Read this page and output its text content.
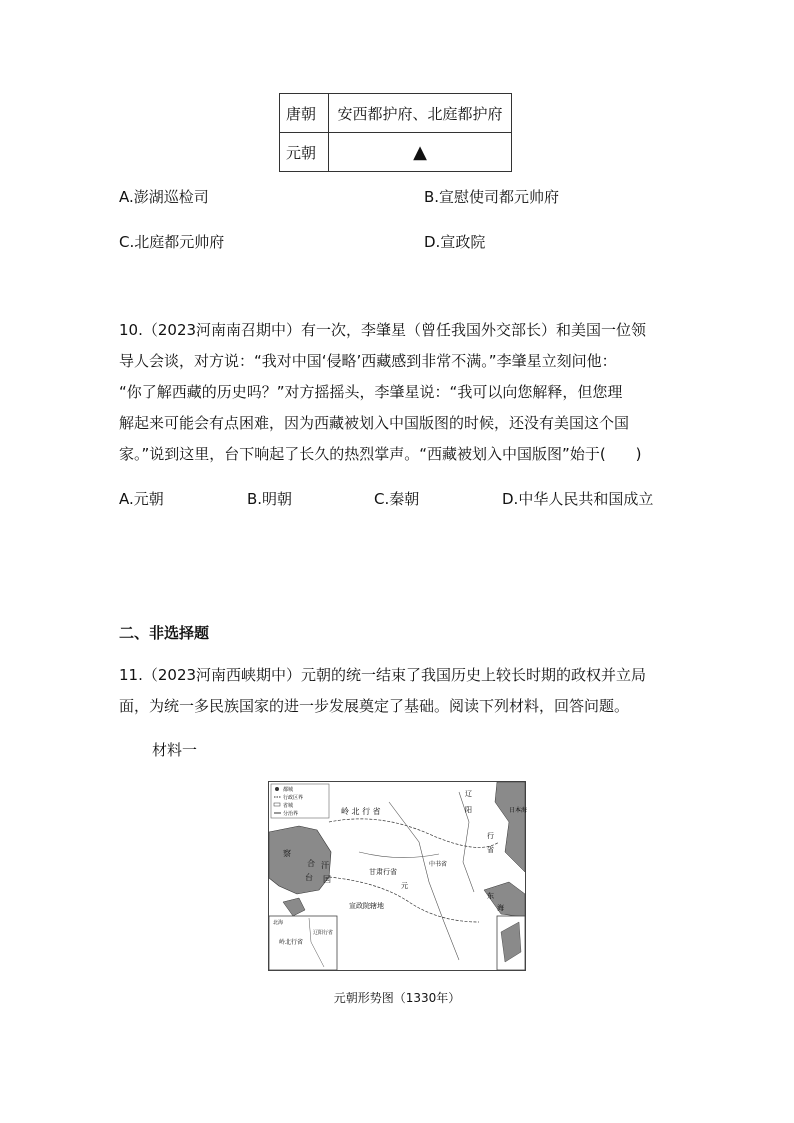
唐朝	安西都护府、北庭都护府
元朝	▲
A.澎湖巡检司	B.宣慰使司都元帅府
C.北庭都元帅府	D.宣政院
10.（2023河南南召期中）有一次，李肇星（曾任我国外交部长）和美国一位领
导人会谈，对方说：“我对中国‘侵略’西藏感到非常不满。”李肇星立刻问他：
“你了解西藏的历史吗？”对方摇摇头，李肇星说：“我可以向您解释，但您理
解起来可能会有点困难，因为西藏被划入中国版图的时候，还没有美国这个国
家。”说到这里，台下响起了长久的热烈掌声。“西藏被划入中国版图”始于(　　)
A.元朝	B.明朝	C.秦朝	D.中华人民共和国成立
二、非选择题
11.（2023河南西峡期中）元朝的统一结束了我国历史上较长时期的政权并立局
面，为统一多民族国家的进一步发展奠定了基础。阅读下列材料，回答问题。
材料一
都城
行政区界
省城
分治界	岭 北 行 省
辽
阳
行
省
察
合
台
汗
国
甘肃行省
元
中书省
宣政院辖地
东
海
日本海
北海
岭北行省
辽阳行省
元朝形势图（1330年）
